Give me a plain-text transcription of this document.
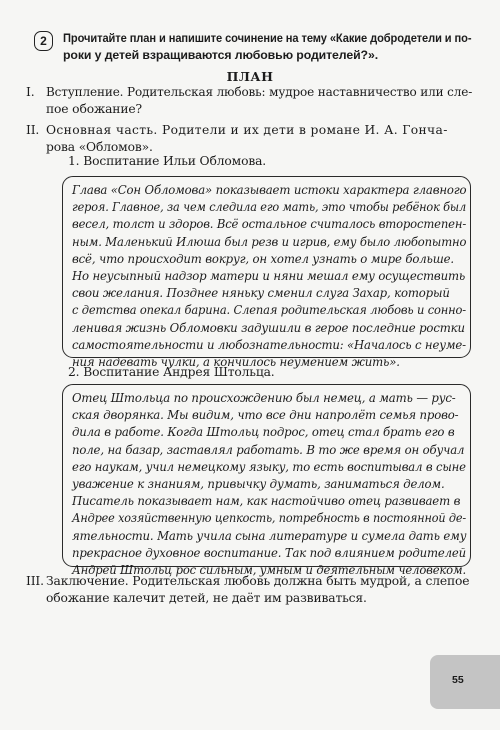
2	Прочитайте план и напишите сочинение на тему «Какие добродетели и по-
роки у детей взращиваются любовью родителей?».
ПЛАН
I. Вступление. Родительская любовь: мудрое наставничество или сле-
пое обожание?
II. Основная часть. Родители и их дети в романе И. А. Гонча-
рова «Обломов».
1. Воспитание Ильи Обломова.
Глава «Сон Обломова» показывает истоки характера главного
героя. Главное, за чем следила его мать, это чтобы ребёнок был
весел, толст и здоров. Всё остальное считалось второстепен-
ным. Маленький Илюша был резв и игрив, ему было любопытно
всё, что происходит вокруг, он хотел узнать о мире больше.
Но неусыпный надзор матери и няни мешал ему осуществить
свои желания. Позднее няньку сменил слуга Захар, который
с детства опекал барина. Слепая родительская любовь и сонно-
ленивая жизнь Обломовки задушили в герое последние ростки
самостоятельности и любознательности: «Началось с неуме-
ния надевать чулки, а кончилось неумением жить».
2. Воспитание Андрея Штольца.
Отец Штольца по происхождению был немец, а мать — рус-
ская дворянка. Мы видим, что все дни напролёт семья прово-
дила в работе. Когда Штольц подрос, отец стал брать его в
поле, на базар, заставлял работать. В то же время он обучал
его наукам, учил немецкому языку, то есть воспитывал в сыне
уважение к знаниям, привычку думать, заниматься делом.
Писатель показывает нам, как настойчиво отец развивает в
Андрее хозяйственную цепкость, потребность в постоянной де-
ятельности. Мать учила сына литературе и сумела дать ему
прекрасное духовное воспитание. Так под влиянием родителей
Андрей Штольц рос сильным, умным и деятельным человеком.
III. Заключение. Родительская любовь должна быть мудрой, а слепое
обожание калечит детей, не даёт им развиваться.
55
